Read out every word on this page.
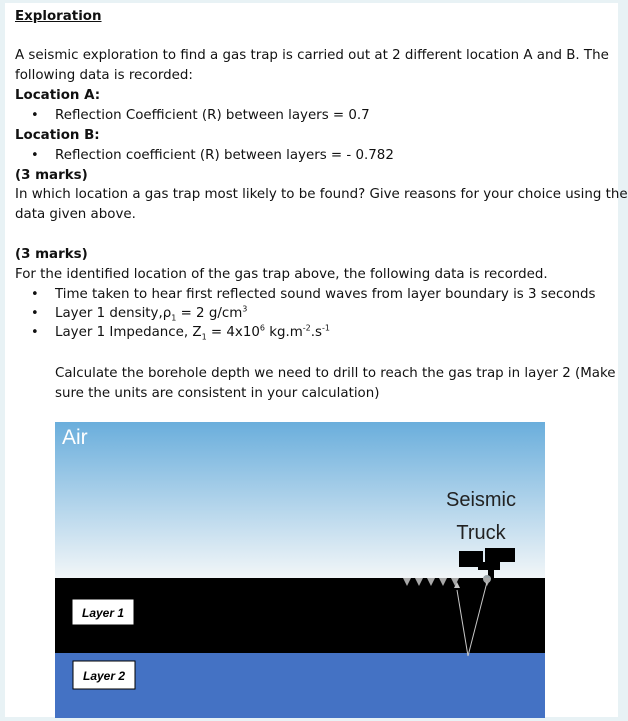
Exploration
A seismic exploration to find a gas trap is carried out at 2 different location A and B. The
following data is recorded:
Location A:
• Reflection Coefficient (R) between layers = 0.7
Location B:
• Reflection coefficient (R) between layers = - 0.782
(3 marks)
In which location a gas trap most likely to be found? Give reasons for your choice using the
data given above.
(3 marks)
For the identified location of the gas trap above, the following data is recorded.
• Time taken to hear first reflected sound waves from layer boundary is 3 seconds
• Layer 1 $density,\rho_1 = 2$ $g/cm^3$
• Layer 1 Impedance, $Z_1 = 4x10^6$ $kg.m^{-2}.s^{-1}$
Calculate the borehole depth we need to drill to reach the gas trap in layer 2 (Make
sure the units are consistent in your calculation)
Air
Seismic
Truck
Layer 1
Layer 2
